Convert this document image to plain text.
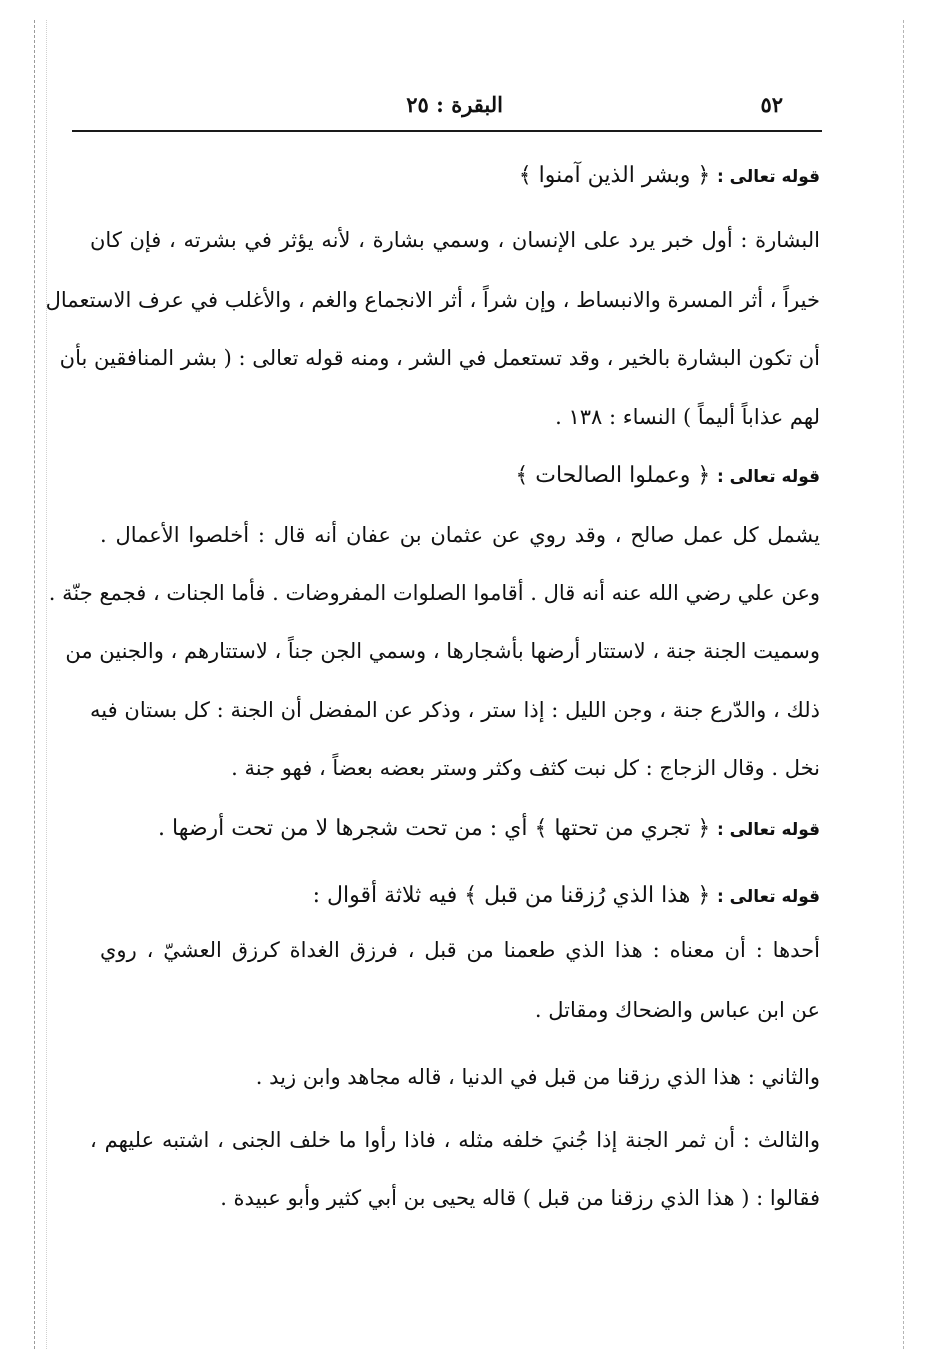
٥٢
البقرة : ٢٥
قوله تعالى : ﴿ وبشر الذين آمنوا ﴾
البشارة : أول خبر يرد على الإنسان ، وسمي بشارة ، لأنه يؤثر في بشرته ، فإن كان
خيراً ، أثر المسرة والانبساط ، وإن شراً ، أثر الانجماع والغم ، والأغلب في عرف الاستعمال
أن تكون البشارة بالخير ، وقد تستعمل في الشر ، ومنه قوله تعالى : ( بشر المنافقين بأن
لهم عذاباً أليماً ) النساء : ١٣٨ .
قوله تعالى : ﴿ وعملوا الصالحات ﴾
يشمل كل عمل صالح ، وقد روي عن عثمان بن عفان أنه قال : أخلصوا الأعمال .
وعن علي رضي الله عنه أنه قال . أقاموا الصلوات المفروضات . فأما الجنات ، فجمع جنّة .
وسميت الجنة جنة ، لاستتار أرضها بأشجارها ، وسمي الجن جناً ، لاستتارهم ، والجنين من
ذلك ، والدّرع جنة ، وجن الليل : إذا ستر ، وذكر عن المفضل أن الجنة : كل بستان فيه
نخل . وقال الزجاج : كل نبت كثف وكثر وستر بعضه بعضاً ، فهو جنة .
قوله تعالى : ﴿ تجري من تحتها ﴾ أي : من تحت شجرها لا من تحت أرضها .
قوله تعالى : ﴿ هذا الذي رُزقنا من قبل ﴾ فيه ثلاثة أقوال :
أحدها : أن معناه : هذا الذي طعمنا من قبل ، فرزق الغداة كرزق العشيّ ، روي
عن ابن عباس والضحاك ومقاتل .
والثاني : هذا الذي رزقنا من قبل في الدنيا ، قاله مجاهد وابن زيد .
والثالث : أن ثمر الجنة إذا جُنيَ خلفه مثله ، فاذا رأوا ما خلف الجنى ، اشتبه عليهم ،
فقالوا : ( هذا الذي رزقنا من قبل ) قاله يحيى بن أبي كثير وأبو عبيدة .
